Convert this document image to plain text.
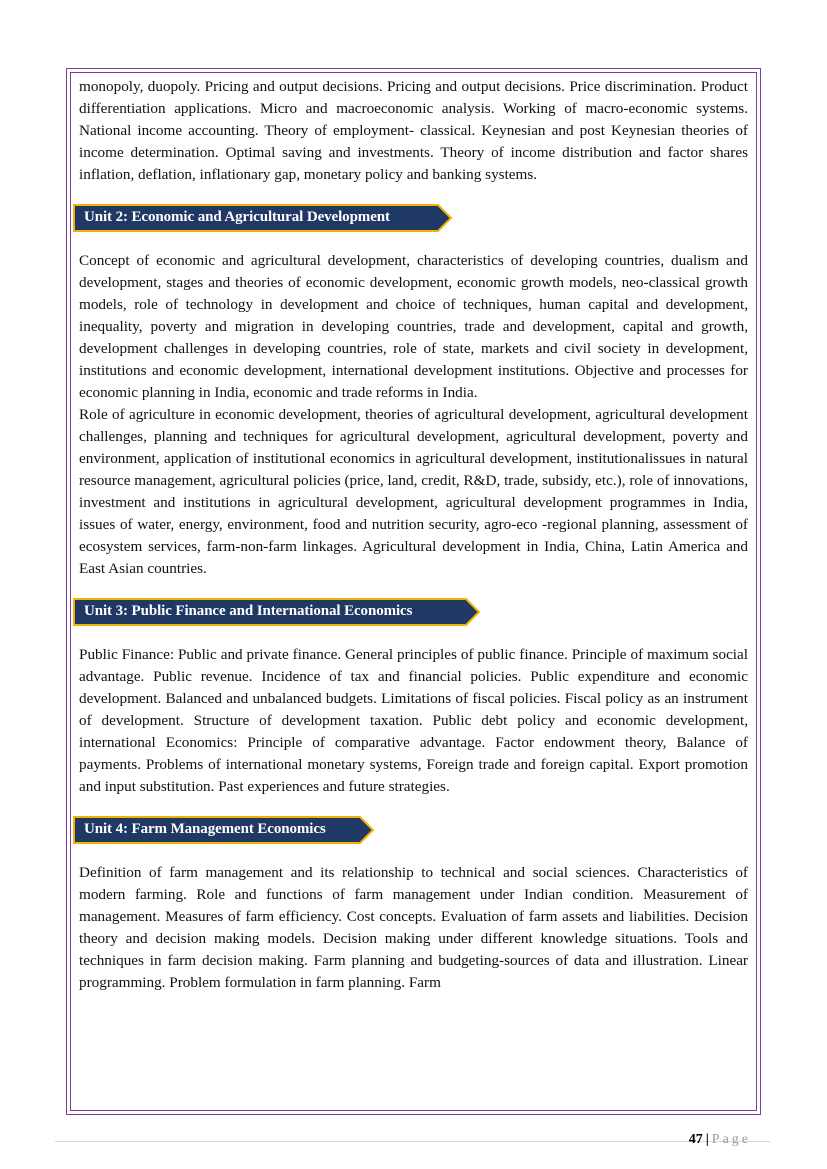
monopoly, duopoly. Pricing and output decisions. Pricing and output decisions. Price discrimination. Product differentiation applications. Micro and macroeconomic analysis. Working of macro-economic systems. National income accounting. Theory of employment- classical. Keynesian and post Keynesian theories of income determination. Optimal saving and investments. Theory of income distribution and factor shares inflation, deflation, inflationary gap, monetary policy and banking systems.

Unit 2: Economic and Agricultural Development

Concept of economic and agricultural development, characteristics of developing countries, dualism and development, stages and theories of economic development, economic growth models, neo-classical growth models, role of technology in development and choice of techniques, human capital and development, inequality, poverty and migration in developing countries, trade and development, capital and growth, development challenges in developing countries, role of state, markets and civil society in development, institutions and economic development, international development institutions. Objective and processes for economic planning in India, economic and trade reforms in India.

Role of agriculture in economic development, theories of agricultural development, agricultural development challenges, planning and techniques for agricultural development, agricultural development, poverty and environment, application of institutional economics in agricultural development, institutionalissues in natural resource management, agricultural policies (price, land, credit, R&D, trade, subsidy, etc.), role of innovations, investment and institutions in agricultural development, agricultural development programmes in India, issues of water, energy, environment, food and nutrition security, agro-eco -regional planning, assessment of ecosystem services, farm-non-farm linkages. Agricultural development in India, China, Latin America and East Asian countries.

Unit 3: Public Finance and International Economics

Public Finance: Public and private finance. General principles of public finance. Principle of maximum social advantage. Public revenue. Incidence of tax and financial policies. Public expenditure and economic development. Balanced and unbalanced budgets. Limitations of fiscal policies. Fiscal policy as an instrument of development. Structure of development taxation. Public debt policy and economic development, international Economics: Principle of comparative advantage. Factor endowment theory, Balance of payments. Problems of international monetary systems, Foreign trade and foreign capital. Export promotion and input substitution. Past experiences and future strategies.

Unit 4: Farm Management Economics

Definition of farm management and its relationship to technical and social sciences. Characteristics of modern farming. Role and functions of farm management under Indian condition. Measurement of management. Measures of farm efficiency. Cost concepts. Evaluation of farm assets and liabilities. Decision theory and decision making models. Decision making under different knowledge situations. Tools and techniques in farm decision making. Farm planning and budgeting-sources of data and illustration. Linear programming. Problem formulation in farm planning. Farm

47 | Page
